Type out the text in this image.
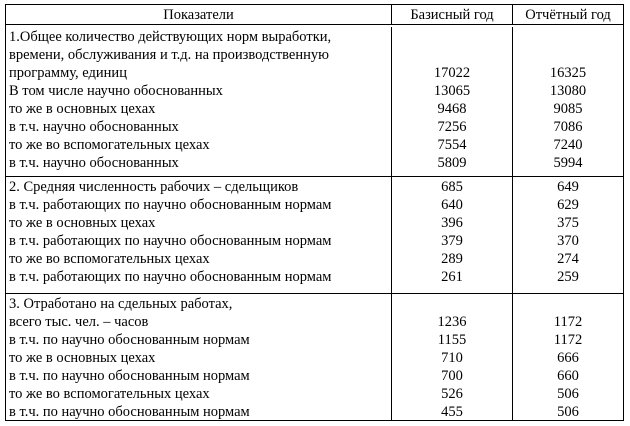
Показатели	Базисный год	Отчётный год
1.Общее количество действующих норм выработки,
времени, обслуживания и т.д. на производственную
программу, единиц
В том числе научно обоснованных
то же в основных цехах
в т.ч. научно обоснованных
то же во вспомогательных цехах
в т.ч. научно обоснованных
17022
13065
9468
7256
7554
5809
16325
13080
9085
7086
7240
5994
2. Средняя численность рабочих – сдельщиков
в т.ч. работающих по научно обоснованным нормам
то же в основных цехах
в т.ч. работающих по научно обоснованным нормам
то же во вспомогательных цехах
в т.ч. работающих по научно обоснованным нормам
685
640
396
379
289
261
649
629
375
370
274
259
3. Отработано на сдельных работах,
всего тыс. чел. – часов
в т.ч. по научно обоснованным нормам
то же в основных цехах
в т.ч. по научно обоснованным нормам
то же во вспомогательных цехах
в т.ч. по научно обоснованным нормам
1236
1155
710
700
526
455
1172
1172
666
660
506
506
